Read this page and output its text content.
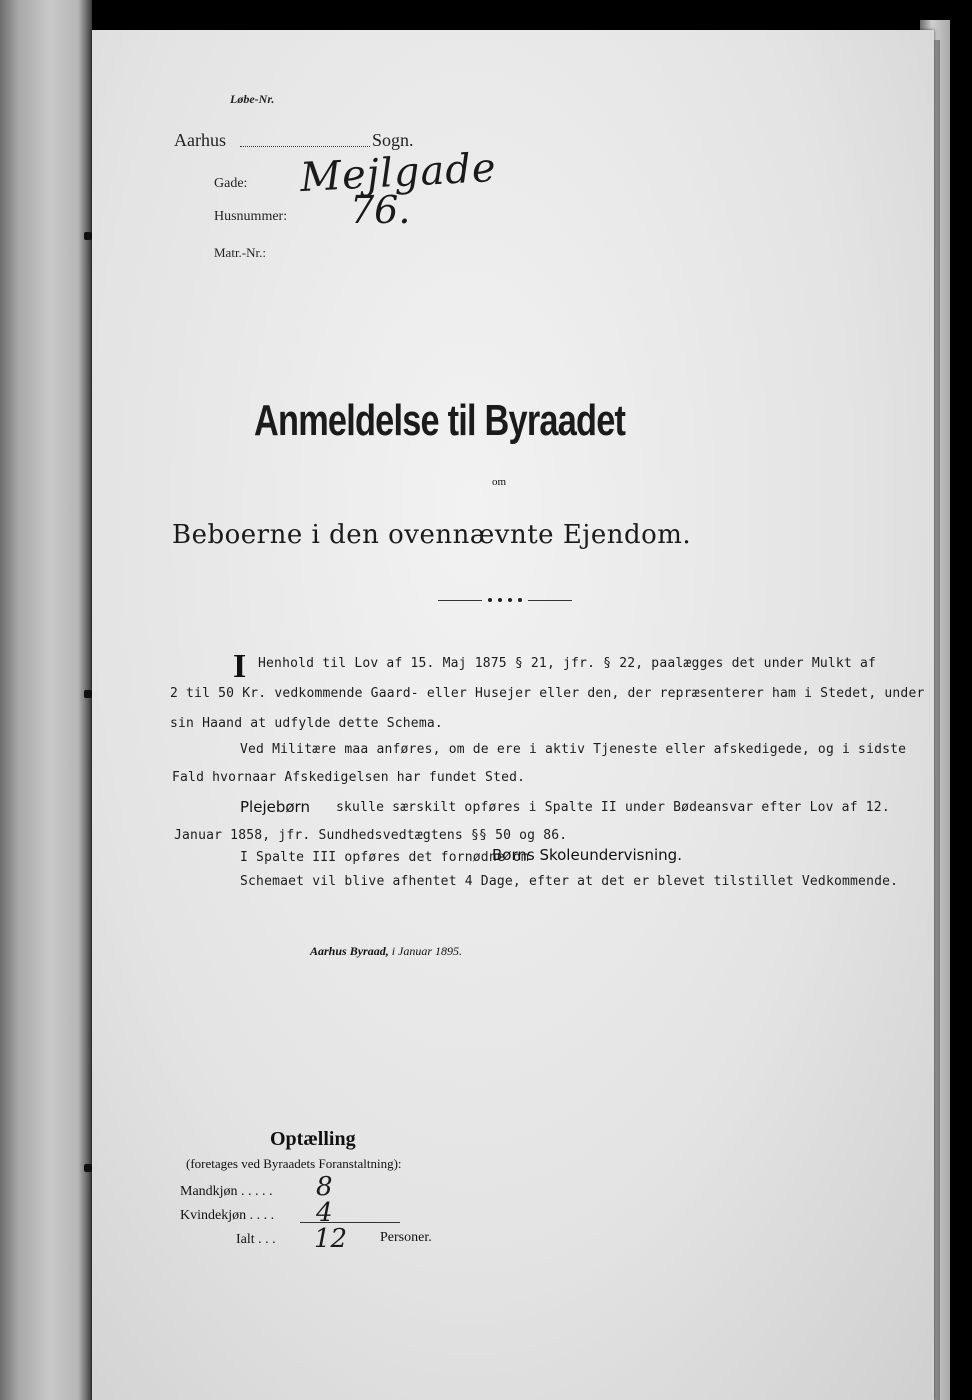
Løbe-Nr.
Aarhus	Sogn.
Gade: Mejlgade
Husnummer: 76.
Matr.-Nr.:
Anmeldelse til Byraadet
om
Beboerne i den ovennævnte Ejendom.
I Henhold til Lov af 15. Maj 1875 § 21, jfr. § 22, paalægges det under Mulkt af
2 til 50 Kr. vedkommende Gaard- eller Husejer eller den, der repræsenterer ham i Stedet, under
sin Haand at udfylde dette Schema.
Ved Militære maa anføres, om de ere i aktiv Tjeneste eller afskedigede, og i sidste
Fald hvornaar Afskedigelsen har fundet Sted.
Plejebørn skulle særskilt opføres i Spalte II under Bødeansvar efter Lov af 12.
Januar 1858, jfr. Sundhedsvedtægtens §§ 50 og 86.
I Spalte III opføres det fornødne om
Børns Skoleundervisning.
Schemaet vil blive afhentet 4 Dage, efter at det er blevet tilstillet Vedkommende.
Aarhus Byraad, i Januar 1895.
Optælling
(foretages ved Byraadets Foranstaltning):
Mandkjøn . . . . . 8
Kvindekjøn . . . . 4
Ialt . . . 12 Personer.
